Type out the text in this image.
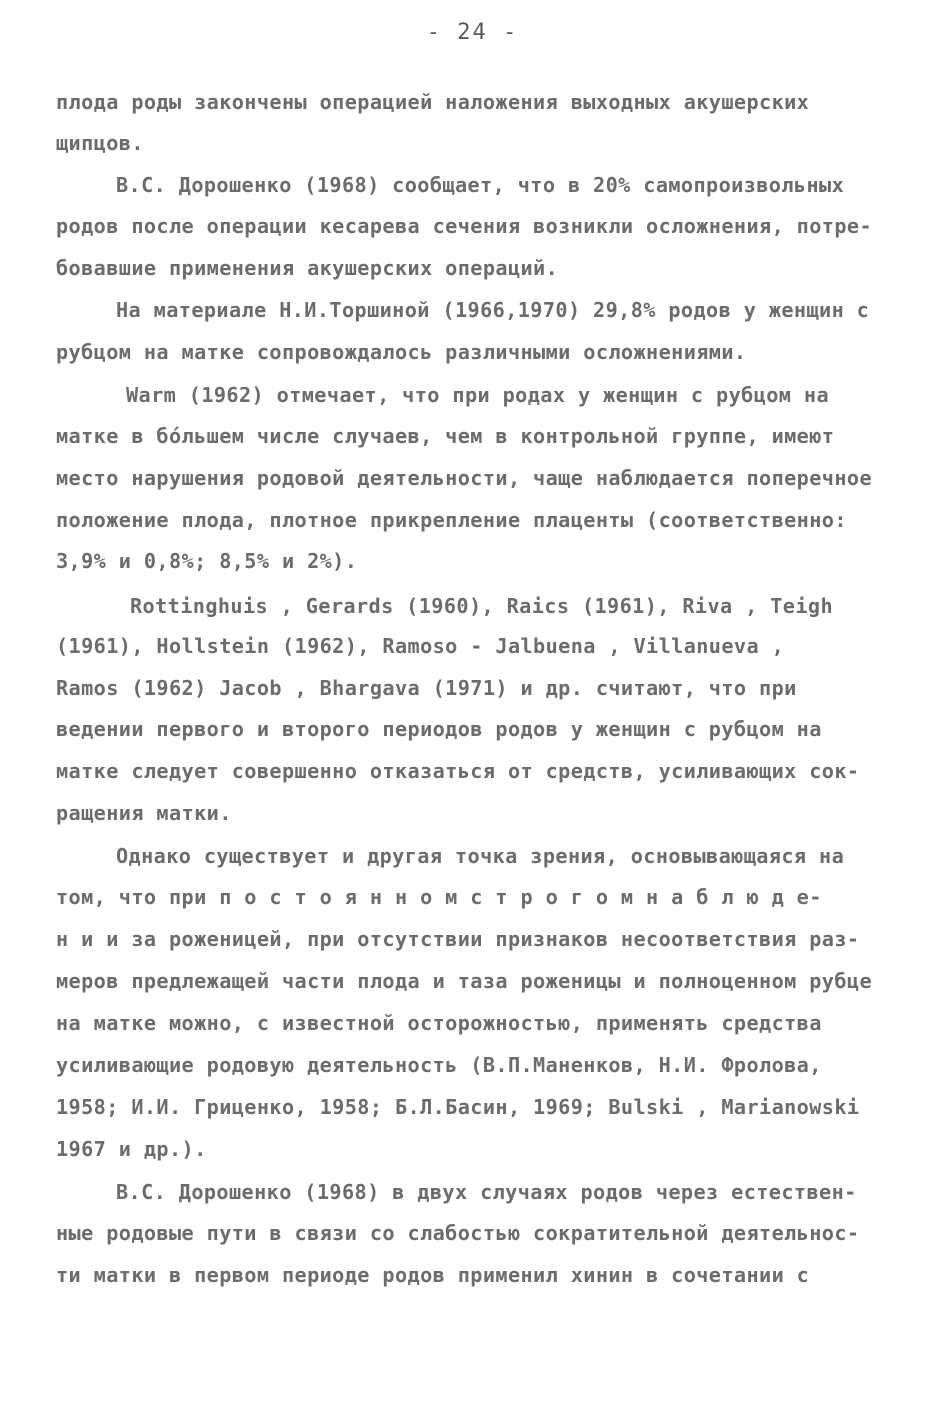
- 24 -
плода роды закончены операцией наложения выходных акушерских
щипцов.
В.С. Дорошенко (1968) сообщает, что в 20% самопроизвольных
родов после операции кесарева сечения возникли осложнения, потре-
бовавшие применения акушерских операций.
На материале Н.И.Торшиной (1966,1970) 29,8% родов у женщин с
рубцом на матке сопровождалось различными осложнениями.
Warm (1962) отмечает, что при родах у женщин с рубцом на
матке в бо́льшем числе случаев, чем в контрольной группе, имеют
место нарушения родовой деятельности, чаще наблюдается поперечное
положение плода, плотное прикрепление плаценты (соответственно:
3,9% и 0,8%; 8,5% и 2%).
Rottinghuis , Gerards (1960), Raics (1961), Riva , Teigh
(1961), Hollstein (1962), Ramoso - Jalbuena , Villanueva ,
Ramos (1962) Jacob , Bhargava (1971) и др. считают, что при
ведении первого и второго периодов родов у женщин с рубцом на
матке следует совершенно отказаться от средств, усиливающих сок-
ращения матки.
Однако существует и другая точка зрения, основывающаяся на
том, что при п о с т о я н н о м с т р о г о м н а б л ю д е-
н и и за роженицей, при отсутствии признаков несоответствия раз-
меров предлежащей части плода и таза роженицы и полноценном рубце
на матке можно, с известной осторожностью, применять средства
усиливающие родовую деятельность (В.П.Маненков, Н.И. Фролова,
1958; И.И. Гриценко, 1958; Б.Л.Басин, 1969; Bulski , Marianowski
1967 и др.).
В.С. Дорошенко (1968) в двух случаях родов через естествен-
ные родовые пути в связи со слабостью сократительной деятельнос-
ти матки в первом периоде родов применил хинин в сочетании с
